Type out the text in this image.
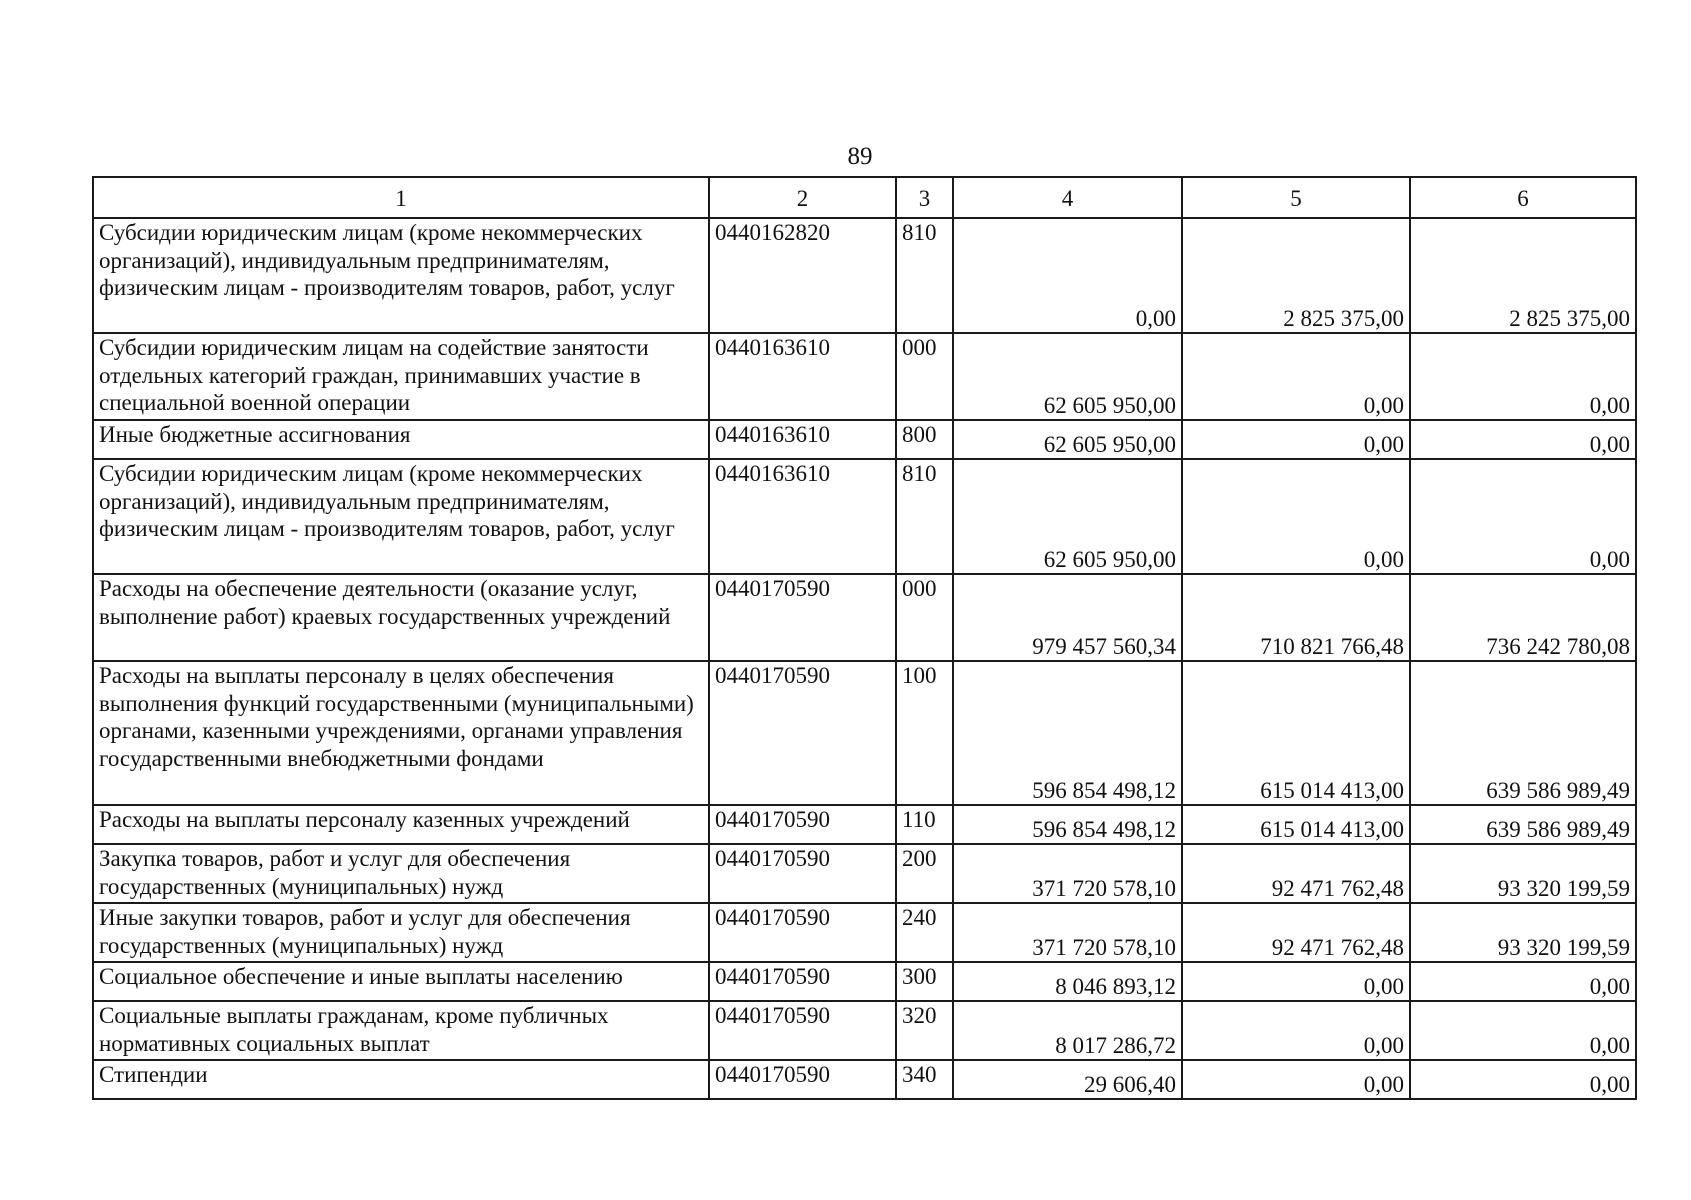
89
1	2	3	4	5	6
Субсидии юридическим лицам (кроме некоммерческих организаций), индивидуальным предпринимателям, физическим лицам - производителям товаров, работ, услуг	0440162820	810	0,00	2 825 375,00	2 825 375,00
Субсидии юридическим лицам на содействие занятости отдельных категорий граждан, принимавших участие в специальной военной операции	0440163610	000	62 605 950,00	0,00	0,00
Иные бюджетные ассигнования	0440163610	800	62 605 950,00	0,00	0,00
Субсидии юридическим лицам (кроме некоммерческих организаций), индивидуальным предпринимателям, физическим лицам - производителям товаров, работ, услуг	0440163610	810	62 605 950,00	0,00	0,00
Расходы на обеспечение деятельности (оказание услуг, выполнение работ) краевых государственных учреждений	0440170590	000	979 457 560,34	710 821 766,48	736 242 780,08
Расходы на выплаты персоналу в целях обеспечения выполнения функций государственными (муниципальными) органами, казенными учреждениями, органами управления государственными внебюджетными фондами	0440170590	100	596 854 498,12	615 014 413,00	639 586 989,49
Расходы на выплаты персоналу казенных учреждений	0440170590	110	596 854 498,12	615 014 413,00	639 586 989,49
Закупка товаров, работ и услуг для обеспечения государственных (муниципальных) нужд	0440170590	200	371 720 578,10	92 471 762,48	93 320 199,59
Иные закупки товаров, работ и услуг для обеспечения государственных (муниципальных) нужд	0440170590	240	371 720 578,10	92 471 762,48	93 320 199,59
Социальное обеспечение и иные выплаты населению	0440170590	300	8 046 893,12	0,00	0,00
Социальные выплаты гражданам, кроме публичных нормативных социальных выплат	0440170590	320	8 017 286,72	0,00	0,00
Стипендии	0440170590	340	29 606,40	0,00	0,00
